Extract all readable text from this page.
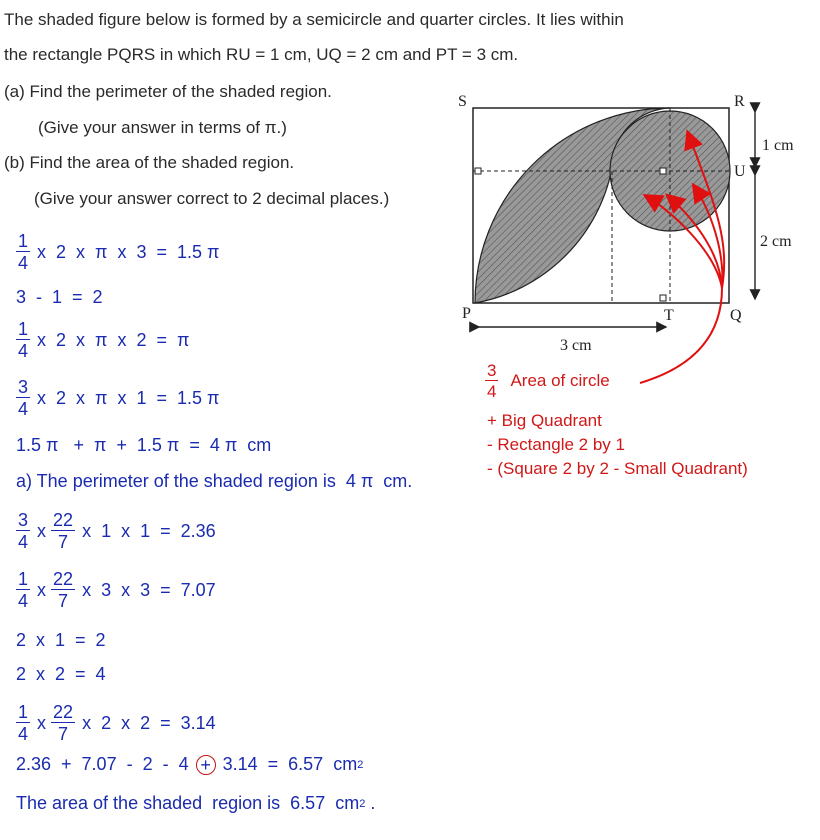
The shaded figure below is formed by a semicircle and quarter circles. It lies within
the rectangle PQRS in which RU = 1 cm, UQ = 2 cm and PT = 3 cm.
(a) Find the perimeter of the shaded region.
(Give your answer in terms of π.)
(b) Find the area of the shaded region.
(Give your answer correct to 2 decimal places.)
S	R
U
P	T	Q
1 cm
2 cm
3 cm
$\frac{3}{4}$ Area of circle
+ Big Quadrant
- Rectangle 2 by 1
- (Square 2 by 2 - Small Quadrant)
$\frac{1}{4}$ x  2  x  π  x  3  =  1.5 π
3  -  1  =  2
$\frac{1}{4}$ x  2  x  π  x  2  =  π
$\frac{3}{4}$ x  2  x  π  x  1  =  1.5 π
1.5 π   +  π  +  1.5 π  =  4 π  cm
a) The perimeter of the shaded region is  4 π  cm.
$\frac{3}{4}$ x $\frac{22}{7}$ x  1  x  1  =  2.36
$\frac{1}{4}$ x $\frac{22}{7}$ x  3  x  3  =  7.07
2  x  1  =  2
2  x  2  =  4
$\frac{1}{4}$ x $\frac{22}{7}$ x  2  x  2  =  3.14
2.36  +  7.07  -  2  -  4 + 3.14  =  6.57  cm 2
The area of the shaded  region is  6.57  cm 2 .
